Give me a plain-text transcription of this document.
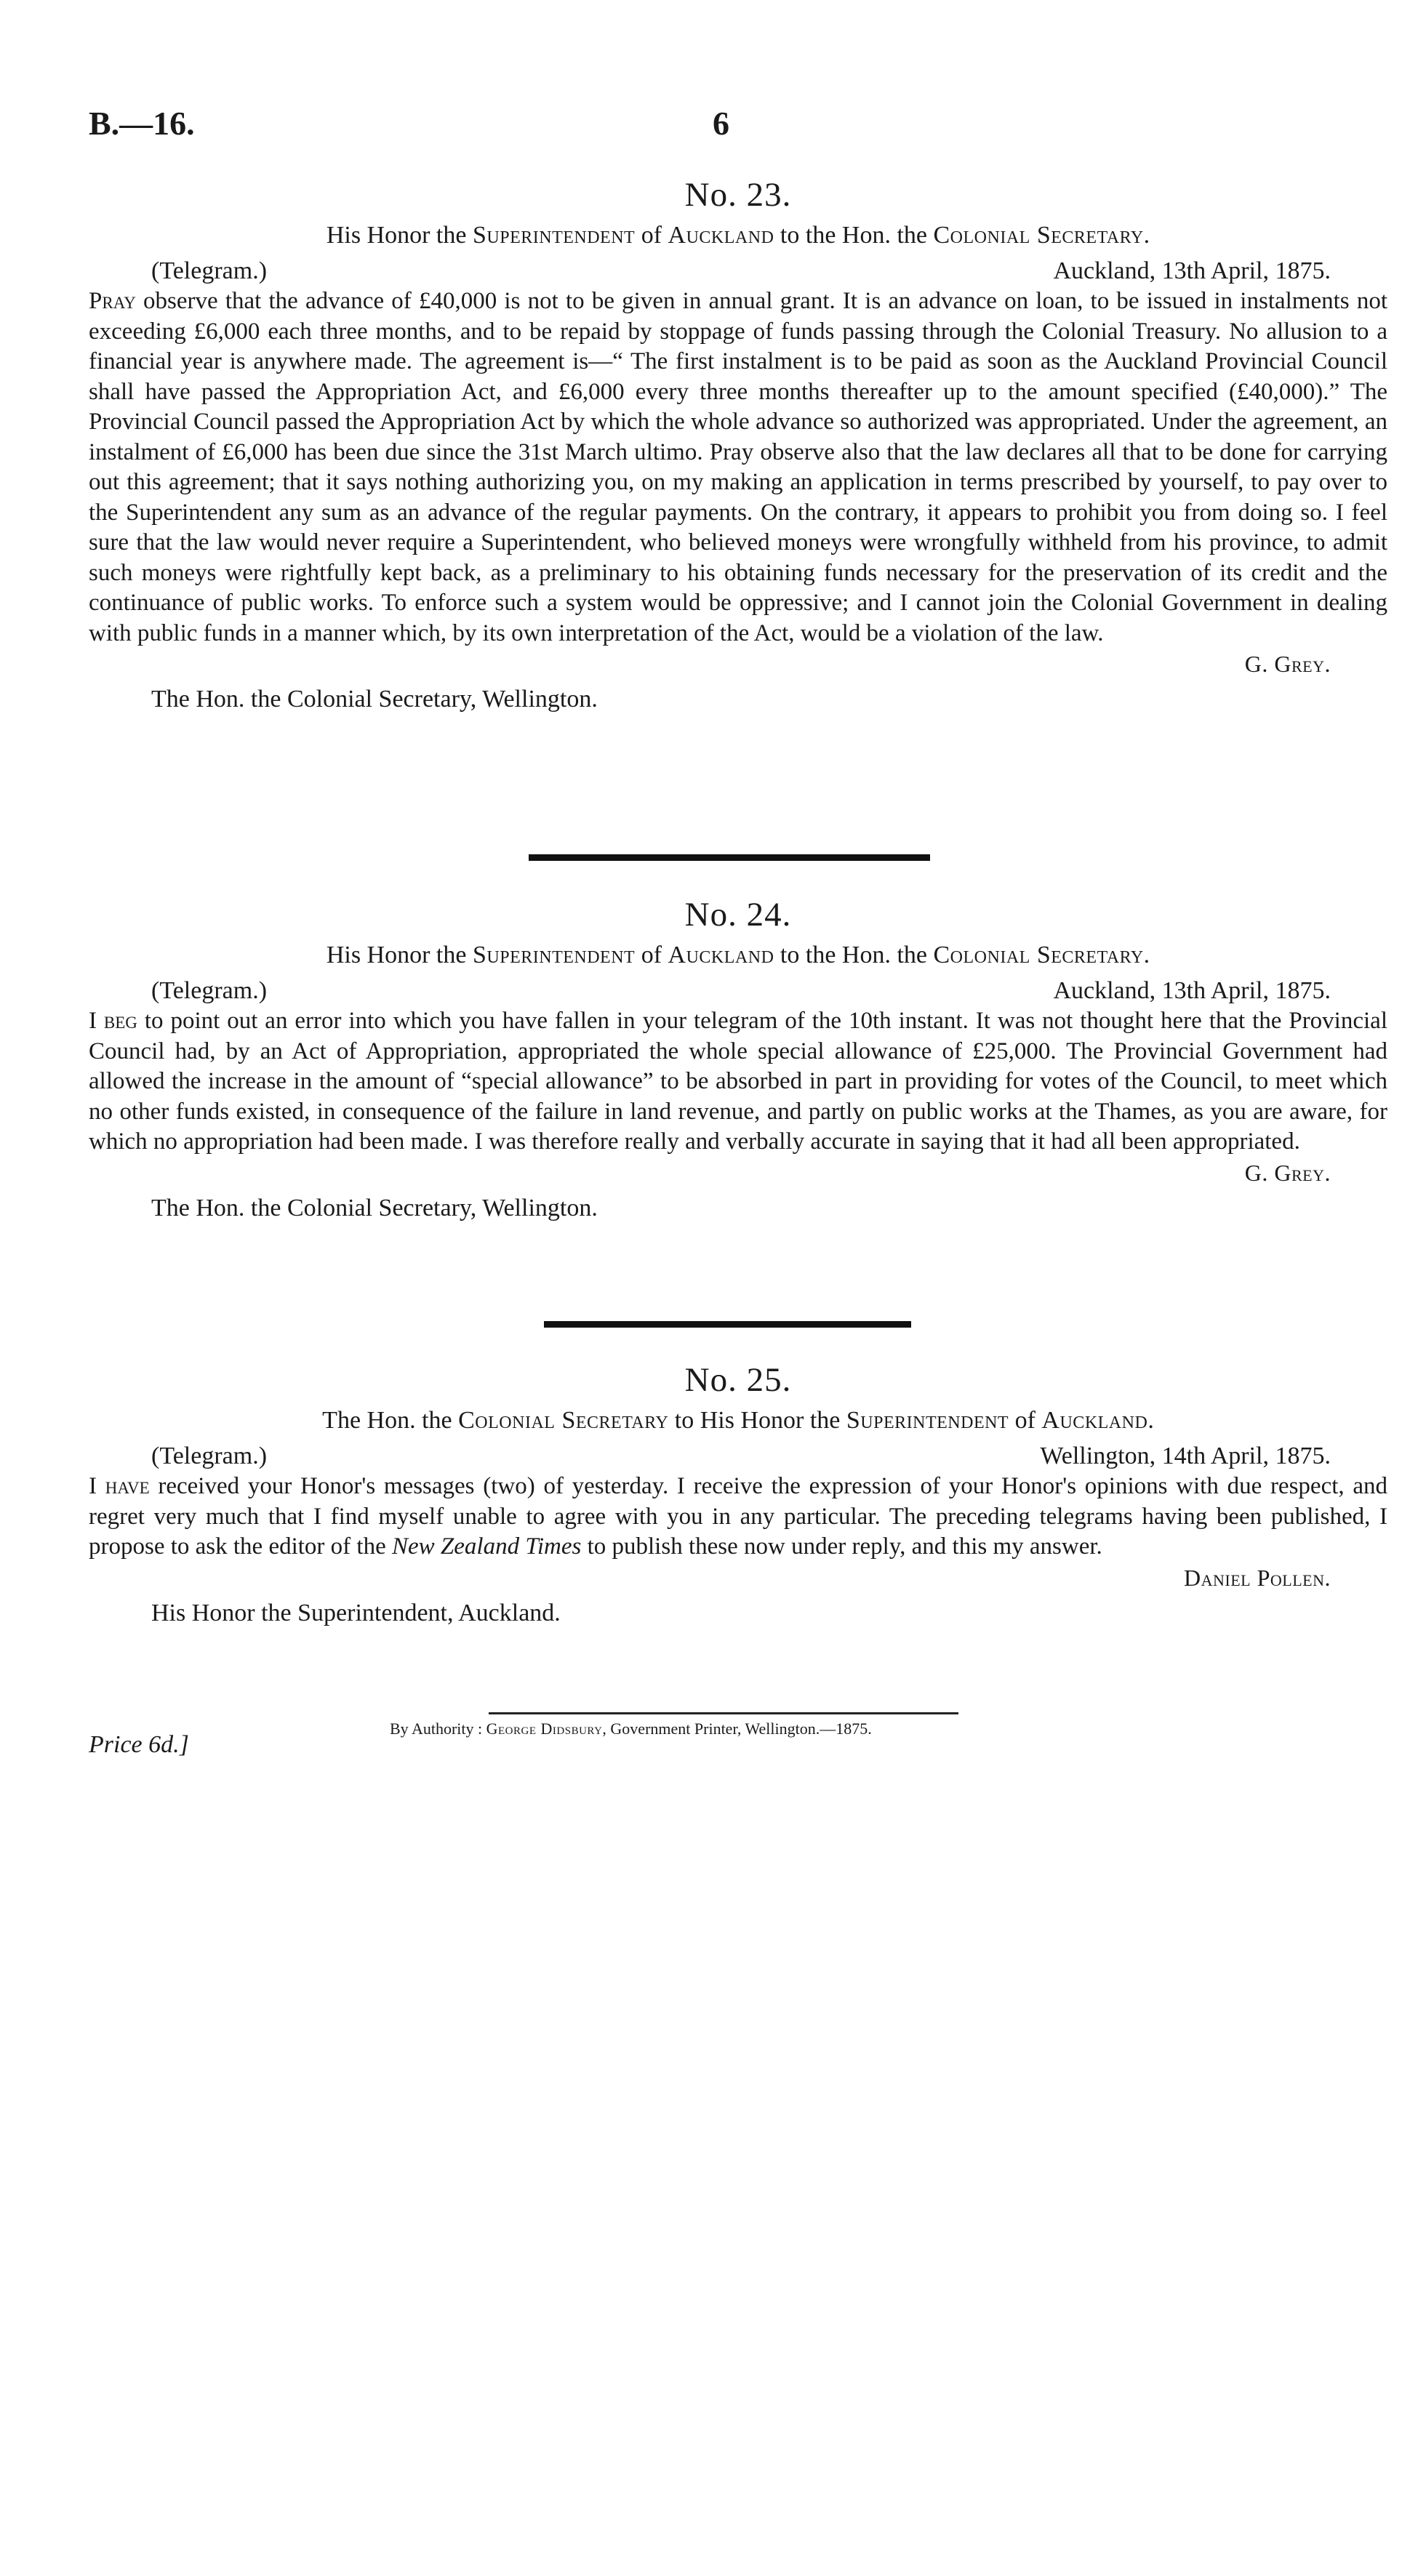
B.—16.	6
No. 23.
His Honor the Superintendent of Auckland to the Hon. the Colonial Secretary.
(Telegram.)	Auckland, 13th April, 1875.

Pray observe that the advance of £40,000 is not to be given in annual grant. It is an advance on loan, to be issued in instalments not exceeding £6,000 each three months, and to be repaid by stoppage of funds passing through the Colonial Treasury. No allusion to a financial year is anywhere made. The agreement is—“ The first instalment is to be paid as soon as the Auckland Provincial Council shall have passed the Appropriation Act, and £6,000 every three months thereafter up to the amount specified (£40,000).” The Provincial Council passed the Appropriation Act by which the whole advance so authorized was appropriated. Under the agreement, an instalment of £6,000 has been due since the 31st March ultimo. Pray observe also that the law declares all that to be done for carrying out this agreement; that it says nothing authorizing you, on my making an application in terms prescribed by yourself, to pay over to the Superintendent any sum as an advance of the regular payments. On the contrary, it appears to prohibit you from doing so. I feel sure that the law would never require a Superintendent, who believed moneys were wrongfully withheld from his province, to admit such moneys were rightfully kept back, as a preliminary to his obtaining funds necessary for the preservation of its credit and the continuance of public works. To enforce such a system would be oppressive; and I cannot join the Colonial Government in dealing with public funds in a manner which, by its own interpretation of the Act, would be a violation of the law.

G. Grey.
The Hon. the Colonial Secretary, Wellington.
No. 24.
His Honor the Superintendent of Auckland to the Hon. the Colonial Secretary.
(Telegram.)	Auckland, 13th April, 1875.

I beg to point out an error into which you have fallen in your telegram of the 10th instant. It was not thought here that the Provincial Council had, by an Act of Appropriation, appropriated the whole special allowance of £25,000. The Provincial Government had allowed the increase in the amount of “special allowance” to be absorbed in part in providing for votes of the Council, to meet which no other funds existed, in consequence of the failure in land revenue, and partly on public works at the Thames, as you are aware, for which no appropriation had been made. I was therefore really and verbally accurate in saying that it had all been appropriated.

G. Grey.
The Hon. the Colonial Secretary, Wellington.
No. 25.
The Hon. the Colonial Secretary to His Honor the Superintendent of Auckland.
(Telegram.)	Wellington, 14th April, 1875.

I have received your Honor's messages (two) of yesterday. I receive the expression of your Honor's opinions with due respect, and regret very much that I find myself unable to agree with you in any particular. The preceding telegrams having been published, I propose to ask the editor of the New Zealand Times to publish these now under reply, and this my answer.

Daniel Pollen.
His Honor the Superintendent, Auckland.
By Authority : George Didsbury, Government Printer, Wellington.—1875.
Price 6d.]
